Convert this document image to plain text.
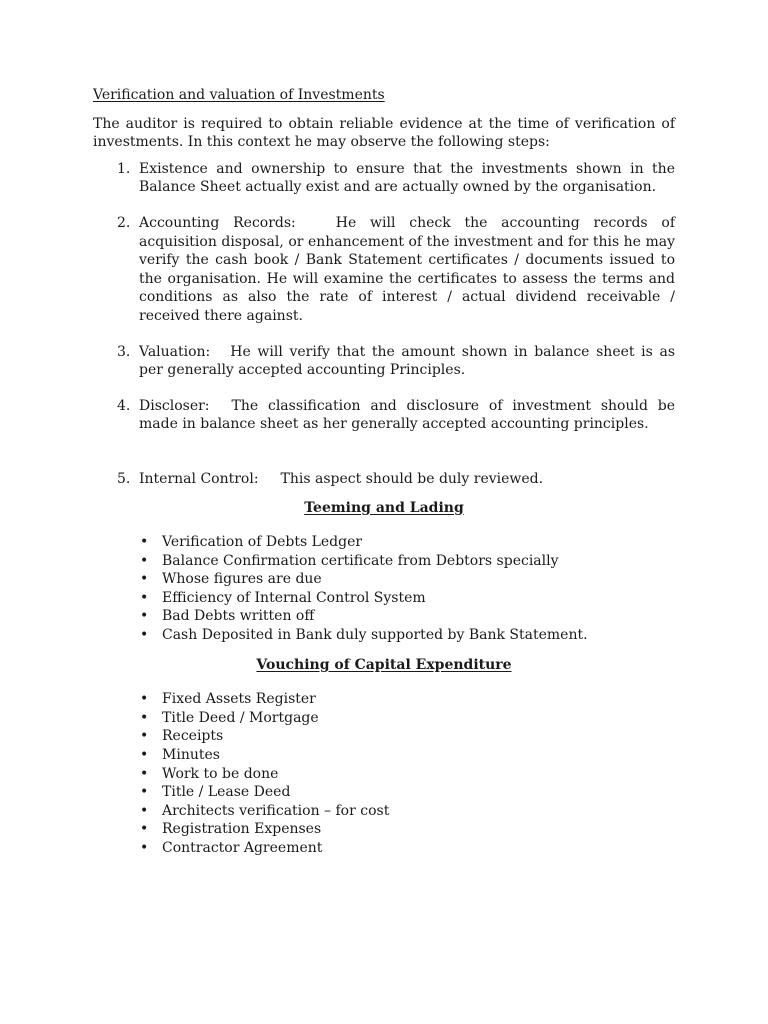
Verification and valuation of Investments

The auditor is required to obtain reliable evidence at the time of verification of investments. In this context he may observe the following steps:

1. Existence and ownership to ensure that the investments shown in the Balance Sheet actually exist and are actually owned by the organisation.
2. Accounting Records:	He will check the accounting records of acquisition disposal, or enhancement of the investment and for this he may verify the cash book / Bank Statement certificates / documents issued to the organisation. He will examine the certificates to assess the terms and conditions as also the rate of interest / actual dividend receivable / received there against.
3. Valuation: He will verify that the amount shown in balance sheet is as per generally accepted accounting Principles.
4. Discloser: The classification and disclosure of investment should be made in balance sheet as her generally accepted accounting principles.
5. Internal Control: This aspect should be duly reviewed.
Teeming and Lading
• Verification of Debts Ledger
• Balance Confirmation certificate from Debtors specially
• Whose figures are due
• Efficiency of Internal Control System
• Bad Debts written off
• Cash Deposited in Bank duly supported by Bank Statement.
Vouching of Capital Expenditure
• Fixed Assets Register
• Title Deed / Mortgage
• Receipts
• Minutes
• Work to be done
• Title / Lease Deed
• Architects verification – for cost
• Registration Expenses
• Contractor Agreement
